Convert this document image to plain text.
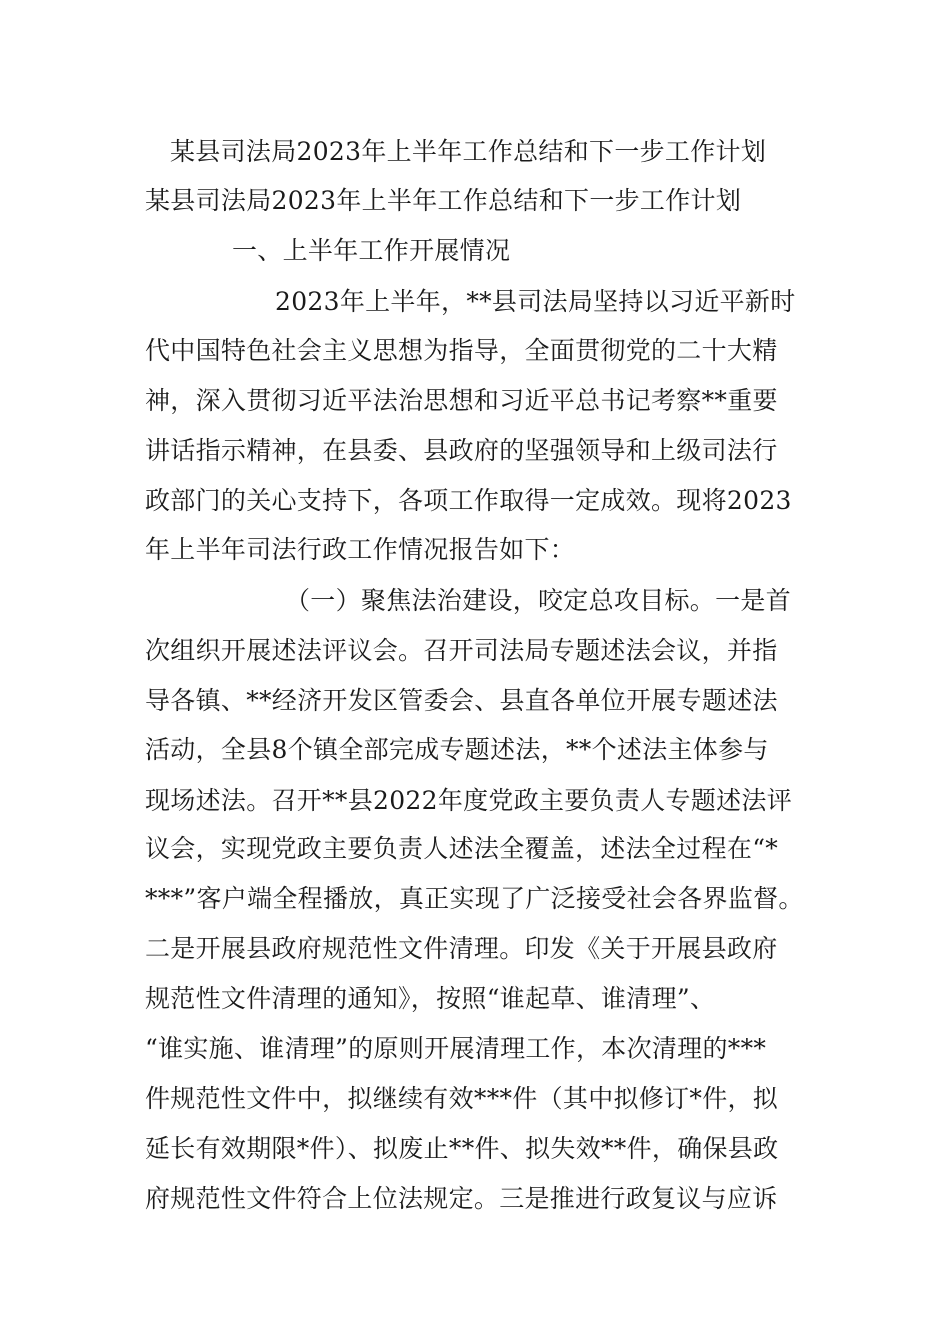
某县司法局2023年上半年工作总结和下一步工作计划
某县司法局2023年上半年工作总结和下一步工作计划
一、上半年工作开展情况
2023年上半年，**县司法局坚持以习近平新时
代中国特色社会主义思想为指导，全面贯彻党的二十大精
神，深入贯彻习近平法治思想和习近平总书记考察**重要
讲话指示精神，在县委、县政府的坚强领导和上级司法行
政部门的关心支持下，各项工作取得一定成效。现将2023
年上半年司法行政工作情况报告如下：
（一）聚焦法治建设，咬定总攻目标。一是首
次组织开展述法评议会。召开司法局专题述法会议，并指
导各镇、**经济开发区管委会、县直各单位开展专题述法
活动，全县8个镇全部完成专题述法，**个述法主体参与
现场述法。召开**县2022年度党政主要负责人专题述法评
议会，实现党政主要负责人述法全覆盖，述法全过程在“*
***”客户端全程播放，真正实现了广泛接受社会各界监督。
二是开展县政府规范性文件清理。印发《关于开展县政府
规范性文件清理的通知》，按照“谁起草、谁清理”、
“谁实施、谁清理”的原则开展清理工作，本次清理的***
件规范性文件中，拟继续有效***件（其中拟修订*件，拟
延长有效期限*件）、拟废止**件、拟失效**件，确保县政
府规范性文件符合上位法规定。三是推进行政复议与应诉
